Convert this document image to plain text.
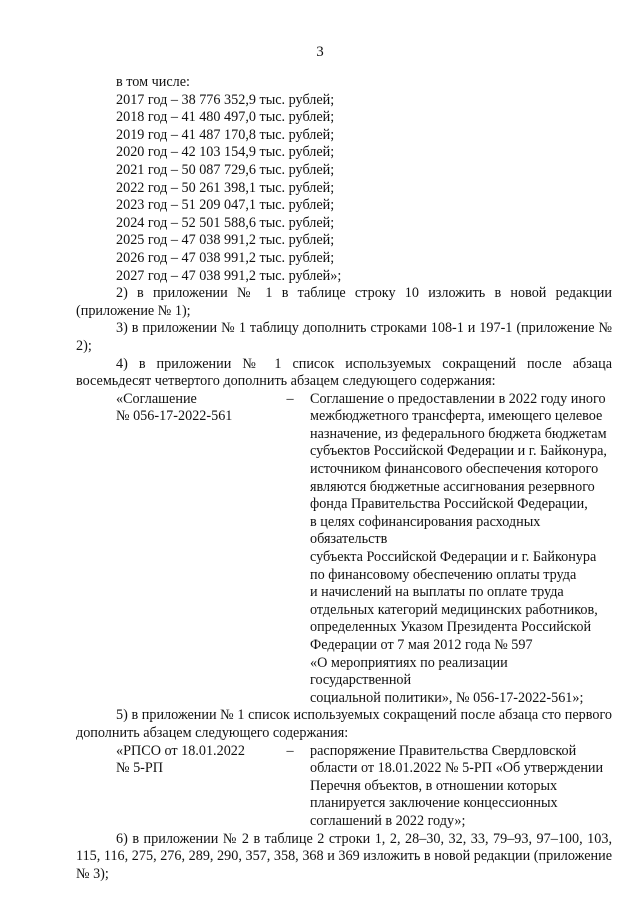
3
в том числе:
2017 год – 38 776 352,9 тыс. рублей;
2018 год – 41 480 497,0 тыс. рублей;
2019 год – 41 487 170,8 тыс. рублей;
2020 год – 42 103 154,9 тыс. рублей;
2021 год – 50 087 729,6 тыс. рублей;
2022 год – 50 261 398,1 тыс. рублей;
2023 год – 51 209 047,1 тыс. рублей;
2024 год – 52 501 588,6 тыс. рублей;
2025 год – 47 038 991,2 тыс. рублей;
2026 год – 47 038 991,2 тыс. рублей;
2027 год – 47 038 991,2 тыс. рублей»;
2) в приложении № 1 в таблице строку 10 изложить в новой редакции (приложение № 1);
3) в приложении № 1 таблицу дополнить строками 108-1 и 197-1 (приложение № 2);
4) в приложении № 1 список используемых сокращений после абзаца восемьдесят четвертого дополнить абзацем следующего содержания:
«Соглашение
№ 056-17-2022-561
–	Соглашение о предоставлении в 2022 году иного
межбюджетного трансферта, имеющего целевое
назначение, из федерального бюджета бюджетам
субъектов Российской Федерации и г. Байконура,
источником финансового обеспечения которого
являются бюджетные ассигнования резервного
фонда Правительства Российской Федерации,
в целях софинансирования расходных обязательств
субъекта Российской Федерации и г. Байконура
по финансовому обеспечению оплаты труда
и начислений на выплаты по оплате труда
отдельных категорий медицинских работников,
определенных Указом Президента Российской
Федерации от 7 мая 2012 года № 597
«О мероприятиях по реализации государственной
социальной политики», № 056-17-2022-561»;
5) в приложении № 1 список используемых сокращений после абзаца сто первого дополнить абзацем следующего содержания:
«РПСО от 18.01.2022
№ 5-РП
–	распоряжение Правительства Свердловской
области от 18.01.2022 № 5-РП «Об утверждении
Перечня объектов, в отношении которых
планируется заключение концессионных
соглашений в 2022 году»;
6) в приложении № 2 в таблице 2 строки 1, 2, 28–30, 32, 33, 79–93, 97–100, 103, 115, 116, 275, 276, 289, 290, 357, 358, 368 и 369 изложить в новой редакции (приложение № 3);
